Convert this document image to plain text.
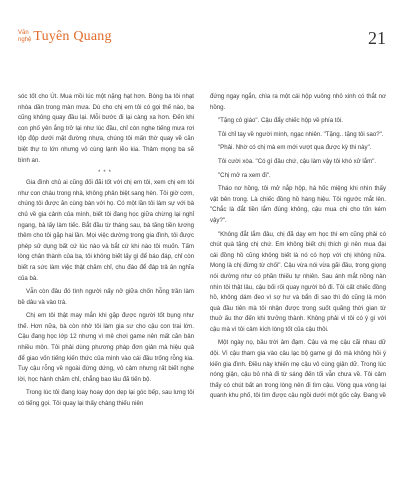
Văn
nghệ Tuyên Quang	21

sóc tốt cho Út. Mua mồi lúc một nặng hạt hơn. Bóng ba tôi nhạt nhòa dần trong màn mưa. Dù cho chị em tôi có gọi thế nào, ba cũng không quay đầu lại. Mỗi bước đi lại càng xa hơn. Đến khi con phố yên ắng trở lại như lúc đầu, chỉ còn nghe tiếng mưa rơi lộp độp dưới mặt đường nhựa, chúng tôi mấn thờ quay về căn biệt thự to lớn nhưng vô cùng lạnh lẽo kia. Thảm mọng ba sẽ bình an.

***

Gia đình chủ ai cũng đối đãi tốt với chị em tôi, xem chị em tôi như con cháu trong nhà, không phân biệt sang hèn. Tôi giờ cơm, chúng tôi được ăn cùng bàn với họ. Có một lần tôi làm sự với bà chủ về gia cảnh của mình, biết tôi đang học giữa chừng lại nghỉ ngang, bà lấy làm tiếc. Bắt đầu từ tháng sau, bà tăng tiền lương thêm cho tôi gặp hai lần. Mọi việc dường trong gia đình, tôi được phép sử dụng bất cứ lúc nào và bắt cứ khi nào tôi muốn. Tấm lòng chân thành của ba, tôi không biết lấy gì để báo đáp, chỉ còn biết ra sức làm việc thật chăm chỉ, chu đáo để đáp trả ân nghĩa của bà.

Vẫn còn đâu đó tình người nấy nở giữa chốn hỗng trần làm bề dâu và vào trá.

Chị em tôi thật may mắn khi gặp được người tốt bụng như thế. Hơn nữa, bà còn nhờ tôi làm gia sư cho cậu con trai lớn. Cậu đang học lớp 12 nhưng vì mê chơi game nên mất căn bản nhiều môn. Tôi phải dùng phương pháp đơn giản mà hiệu quả để giao vốn tiếng kiến thức của mình vào cái đầu trống rỗng kia. Tuy cậu rỗng về ngoài đứng dứng, vô cảm nhưng rất biết nghe lời, học hành chăm chỉ, chẳng bao lâu đã tiến bộ.

Trong lúc tôi đang loay hoay dọn dẹp lại góc bếp, sau lưng tôi có tiếng gọi. Tôi quay lại thấy chàng thiếu niên

đứng ngay ngắn, chìa ra một cái hộp vuông nhỏ xinh có thắt nơ hồng.

"Tặng cô giáo". Cậu đẩy chiếc hộp về phía tôi.

Tôi chỉ tay về người mình, ngạc nhiên. "Tặng.. tặng tôi sao?".

"Phải. Nhờ có chị mà em mới vượt qua được kỳ thi này".

Tôi cười xòa. "Có gì đâu chứ, cậu làm vậy tôi khó xử lắm".

"Chị mở ra xem đi".

Tháo nơ hồng, tôi mở nắp hộp, há hốc miệng khi nhìn thấy vật bên trong. Là chiếc đồng hồ hàng hiệu. Tôi ngước mắt lên. "Chắc là đắt tiền lắm đúng không, cậu mua chi cho tốn kém vậy?".

"Không đắt lắm đâu, chị đã dạy em học thì em cũng phải có chút quà tặng chị chứ. Em không biết chị thích gì nên mua đại cái đồng hồ cũng không biết là nó có hợp với chị không nữa. Mong là chị đừng từ chối". Cậu vừa nói vừa gãi đầu, trong giọng nói dường như có phần thiếu tự nhiên. Sau ánh mắt nồng nàn nhìn tôi thật lâu, cậu bối rối quay người bỏ đi. Tôi cất chiếc đồng hồ, không dám đeo vì sợ hư và bẩn đi sao thì đó cũng là món quà đầu tiên mà tôi nhận được trong suốt quãng thời gian từ thuở ấu thơ đến khi trưởng thành. Không phải vì tôi có ý gì với cậu mà vì tôi cảm kích lòng tốt của cậu thôi.

Một ngày nọ, bầu trời âm đạm. Cậu và mẹ cậu cãi nhau dữ dội. Vì cậu tham gia vào câu lạc bộ game gì đó mà không hỏi ý kiến gia đình. Điều này khiến mẹ cậu vô cùng giận dữ. Trong lúc nóng giận, cậu bỏ nhà đi từ sáng đến tối vẫn chưa về. Tôi cảm thấy có chút bất an trong lòng nên đi tìm cậu. Vòng qua vòng lại quanh khu phố, tôi tìm được cậu ngồi dưới một gốc cây. Đang về
